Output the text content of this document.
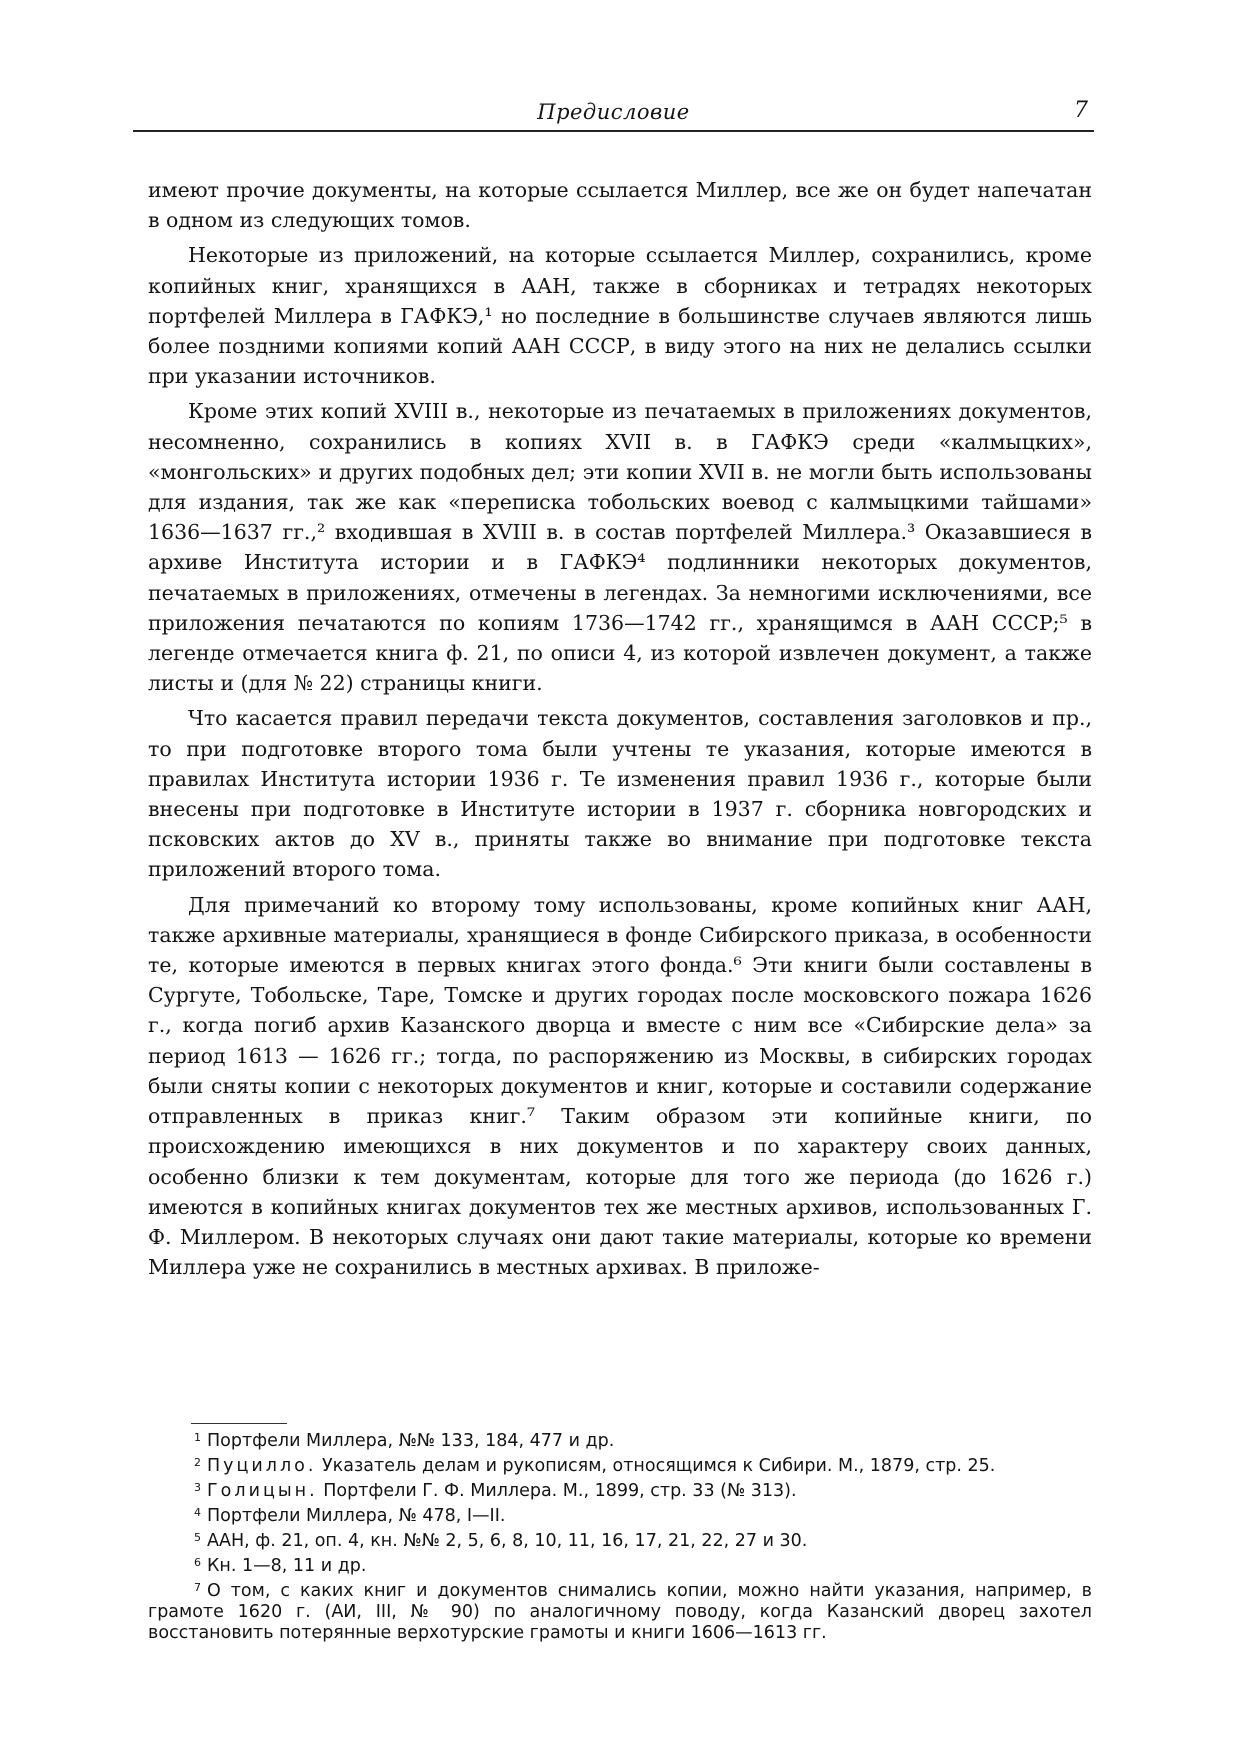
Предисловие	7

имеют прочие документы, на которые ссылается Миллер, все же он будет напечатан в одном из следующих томов.

Некоторые из приложений, на которые ссылается Миллер, сохранились, кроме копийных книг, хранящихся в ААН, также в сборниках и тетрадях некоторых портфелей Миллера в ГАФКЭ,¹ но последние в большинстве случаев являются лишь более поздними копиями копий ААН СССР, в виду этого на них не делались ссылки при указании источников.

Кроме этих копий XVIII в., некоторые из печатаемых в приложениях документов, несомненно, сохранились в копиях XVII в. в ГАФКЭ среди «калмыцких», «монгольских» и других подобных дел; эти копии XVII в. не могли быть использованы для издания, так же как «переписка тобольских воевод с калмыцкими тайшами» 1636—1637 гг.,² входившая в XVIII в. в состав портфелей Миллера.³ Оказавшиеся в архиве Института истории и в ГАФКЭ⁴ подлинники некоторых документов, печатаемых в приложениях, отмечены в легендах. За немногими исключениями, все приложения печатаются по копиям 1736—1742 гг., хранящимся в ААН СССР;⁵ в легенде отмечается книга ф. 21, по описи 4, из которой извлечен документ, а также листы и (для № 22) страницы книги.

Что касается правил передачи текста документов, составления заголовков и пр., то при подготовке второго тома были учтены те указания, которые имеются в правилах Института истории 1936 г. Те изменения правил 1936 г., которые были внесены при подготовке в Институте истории в 1937 г. сборника новгородских и псковских актов до XV в., приняты также во внимание при подготовке текста приложений второго тома.

Для примечаний ко второму тому использованы, кроме копийных книг ААН, также архивные материалы, хранящиеся в фонде Сибирского приказа, в особенности те, которые имеются в первых книгах этого фонда.⁶ Эти книги были составлены в Сургуте, Тобольске, Таре, Томске и других городах после московского пожара 1626 г., когда погиб архив Казанского дворца и вместе с ним все «Сибирские дела» за период 1613 — 1626 гг.; тогда, по распоряжению из Москвы, в сибирских городах были сняты копии с некоторых документов и книг, которые и составили содержание отправленных в приказ книг.⁷ Таким образом эти копийные книги, по происхождению имеющихся в них документов и по характеру своих данных, особенно близки к тем документам, которые для того же периода (до 1626 г.) имеются в копийных книгах документов тех же местных архивов, использованных Г. Ф. Миллером. В некоторых случаях они дают такие материалы, которые ко времени Миллера уже не сохранились в местных архивах. В приложе-

$^1$ Портфели Миллера, №№ 133, 184, 477 и др.

$^2$ Пуцилло. Указатель делам и рукописям, относящимся к Сибири. М., 1879, стр. 25.

$^3$ Голицын. Портфели Г. Ф. Миллера. М., 1899, стр. 33 (№ 313).

$^4$ Портфели Миллера, № 478, I—II.

$^5$ ААН, ф. 21, оп. 4, кн. №№ 2, 5, 6, 8, 10, 11, 16, 17, 21, 22, 27 и 30.

$^6$ Кн. 1—8, 11 и др.

$^7$ О том, с каких книг и документов снимались копии, можно найти указания, например, в грамоте 1620 г. (АИ, III, № 90) по аналогичному поводу, когда Казанский дворец захотел восстановить потерянные верхотурские грамоты и книги 1606—1613 гг.
